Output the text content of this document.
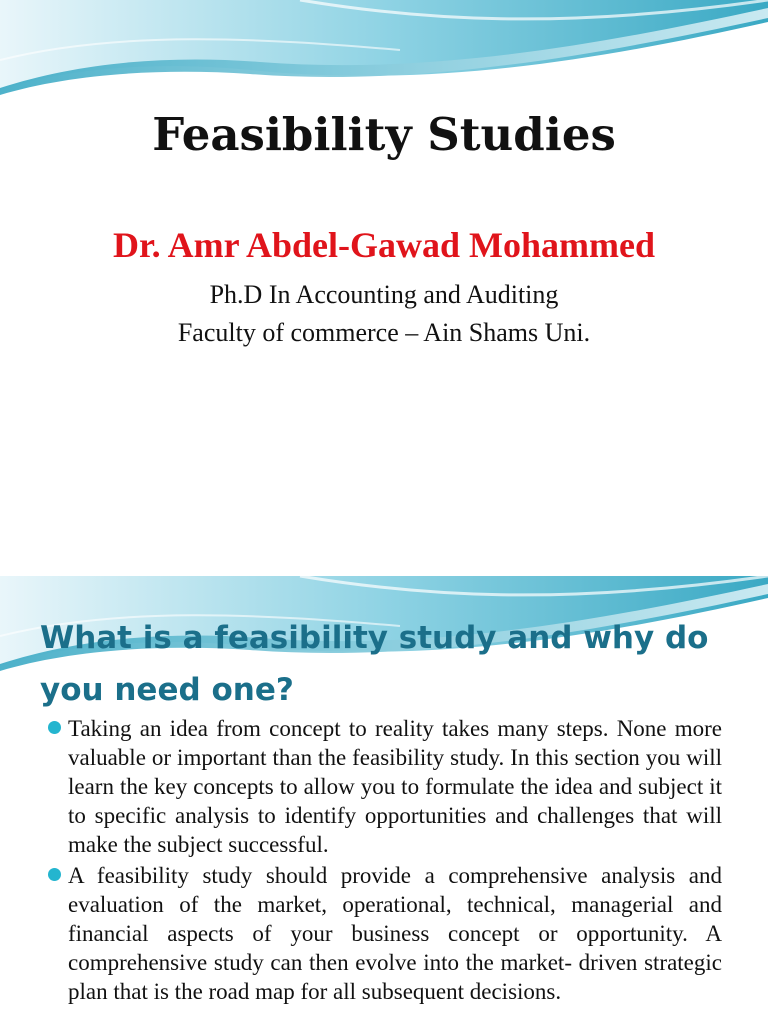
Feasibility Studies
Dr. Amr Abdel-Gawad Mohammed
Ph.D In Accounting and Auditing
Faculty of commerce – Ain Shams Uni.
What is a feasibility study and why do you need one?
Taking an idea from concept to reality takes many steps. None more valuable or important than the feasibility study. In this section you will learn the key concepts to allow you to formulate the idea and subject it to specific analysis to identify opportunities and challenges that will make the subject successful.
A feasibility study should provide a comprehensive analysis and evaluation of the market, operational, technical, managerial and financial aspects of your business concept or opportunity. A comprehensive study can then evolve into the market- driven strategic plan that is the road map for all subsequent decisions.
